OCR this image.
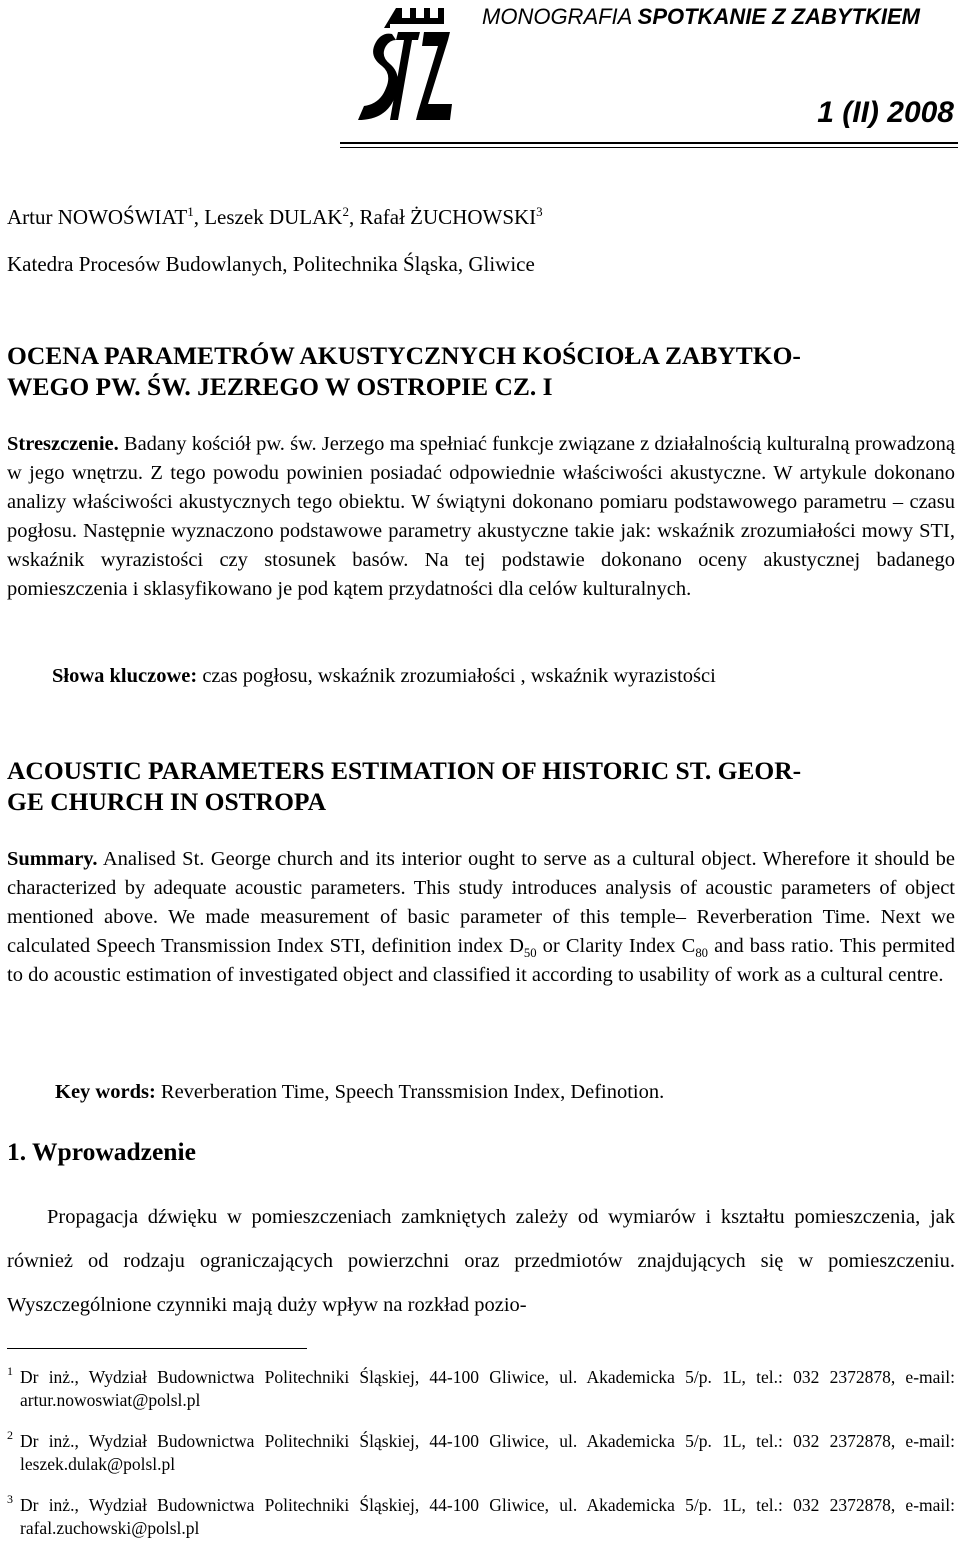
MONOGRAFIA SPOTKANIE Z ZABYTKIEM
1 (II) 2008
Artur NOWOŚWIAT$^1$, Leszek DULAK$^2$, Rafał ŻUCHOWSKI$^3$
Katedra Procesów Budowlanych, Politechnika Śląska, Gliwice
OCENA PARAMETRÓW AKUSTYCZNYCH KOŚCIOŁA ZABYTKO-
WEGO PW. ŚW. JEZREGO W OSTROPIE CZ. I
Streszczenie. Badany kościół pw. św. Jerzego ma spełniać funkcje związane z działalnością kulturalną prowadzoną w jego wnętrzu. Z tego powodu powinien posiadać odpowiednie właściwości akustyczne. W artykule dokonano analizy właściwości akustycznych tego obiektu. W świątyni dokonano pomiaru podstawowego parametru – czasu pogłosu. Następnie wyznaczono podstawowe parametry akustyczne takie jak: wskaźnik zrozumiałości mowy STI, wskaźnik wyrazistości czy stosunek basów. Na tej podstawie dokonano oceny akustycznej badanego pomieszczenia i sklasyfikowano je pod kątem przydatności dla celów kulturalnych.
Słowa kluczowe: czas pogłosu, wskaźnik zrozumiałości , wskaźnik wyrazistości
ACOUSTIC PARAMETERS ESTIMATION OF HISTORIC ST. GEOR-
GE CHURCH IN OSTROPA
Summary. Analised St. George church and its interior ought to serve as a cultural object. Wherefore it should be characterized by adequate acoustic parameters. This study introduces analysis of acoustic parameters of object mentioned above. We made measurement of basic parameter of this temple– Reverberation Time. Next we calculated Speech Transmission Index STI, definition index $D_{50}$ or Clarity Index $C_{80}$ and bass ratio. This permited to do acoustic estimation of investigated object and classified it according to usability of work as a cultural centre.
Key words: Reverberation Time, Speech Transsmision Index, Definotion.
1. Wprowadzenie
Propagacja dźwięku w pomieszczeniach zamkniętych zależy od wymiarów i kształtu pomieszczenia, jak również od rodzaju ograniczających powierzchni oraz przedmiotów znajdujących się w pomieszczeniu. Wyszczególnione czynniki mają duży wpływ na rozkład pozio-
1 Dr inż., Wydział Budownictwa Politechniki Śląskiej, 44-100 Gliwice, ul. Akademicka 5/p. 1L, tel.: 032 2372878, e-mail: artur.nowoswiat@polsl.pl
2 Dr inż., Wydział Budownictwa Politechniki Śląskiej, 44-100 Gliwice, ul. Akademicka 5/p. 1L, tel.: 032 2372878, e-mail: leszek.dulak@polsl.pl
3 Dr inż., Wydział Budownictwa Politechniki Śląskiej, 44-100 Gliwice, ul. Akademicka 5/p. 1L, tel.: 032 2372878, e-mail: rafal.zuchowski@polsl.pl
